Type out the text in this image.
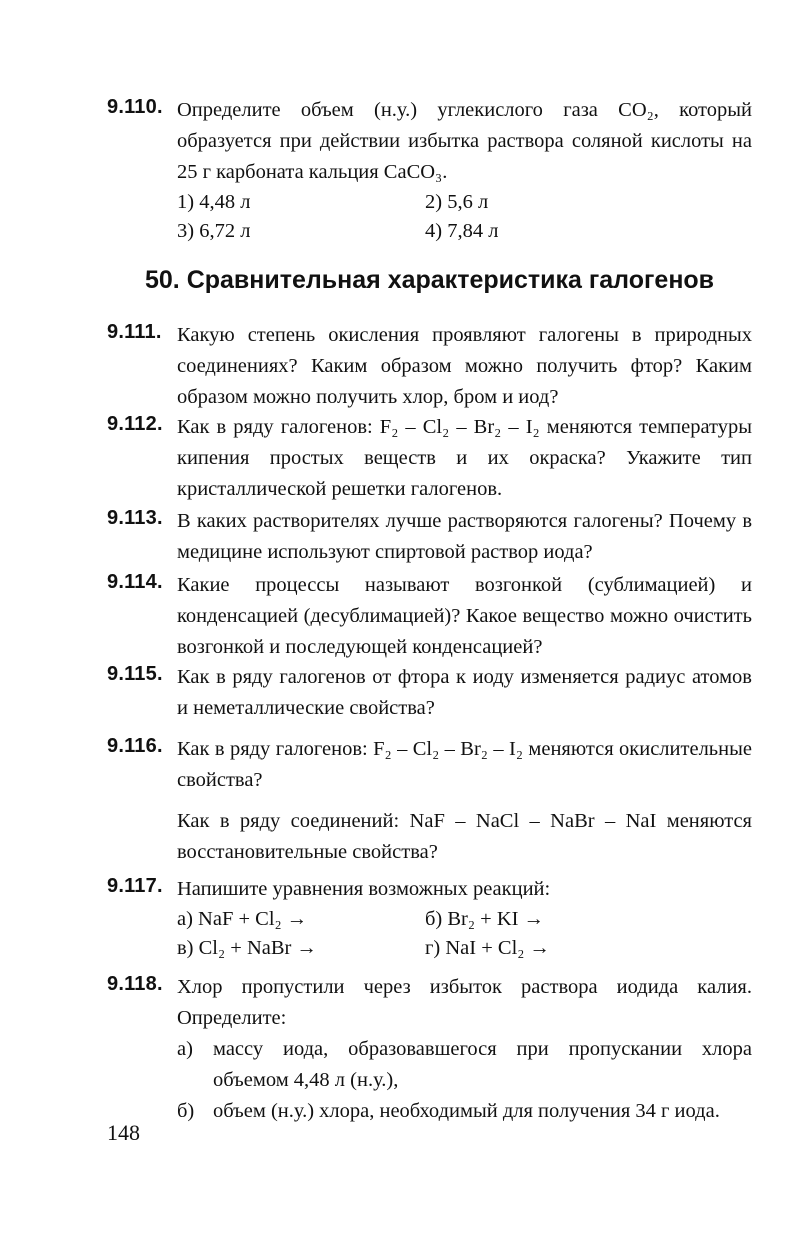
9.110. Определите объем (н.у.) углекислого газа CO₂, который образуется при действии избытка раствора соляной кислоты на 25 г карбоната кальция CaCO₃.

1) 4,48 л	2) 5,6 л
3) 6,72 л	4) 7,84 л
50. Сравнительная характеристика галогенов
9.111. Какую степень окисления проявляют галогены в природных соединениях? Каким образом можно получить фтор? Каким образом можно получить хлор, бром и иод?

9.112. Как в ряду галогенов: F₂ – Cl₂ – Br₂ – I₂ меняются температуры кипения простых веществ и их окраска? Укажите тип кристаллической решетки галогенов.

9.113. В каких растворителях лучше растворяются галогены? Почему в медицине используют спиртовой раствор иода?

9.114. Какие процессы называют возгонкой (сублимацией) и конденсацией (десублимацией)? Какое вещество можно очистить возгонкой и последующей конденсацией?

9.115. Как в ряду галогенов от фтора к иоду изменяется радиус атомов и неметаллические свойства?

9.116. Как в ряду галогенов: F₂ – Cl₂ – Br₂ – I₂ меняются окислительные свойства?

Как в ряду соединений: NaF – NaCl – NaBr – NaI меняются восстановительные свойства?

9.117. Напишите уравнения возможных реакций:

а) NaF + Cl₂ →	б) Br₂ + KI →
в) Cl₂ + NaBr →	г) NaI + Cl₂ →
9.118. Хлор пропустили через избыток раствора иодида калия. Определите:

а) массу иода, образовавшегося при пропускании хлора объемом 4,48 л (н.у.),
б) объем (н.у.) хлора, необходимый для получения 34 г иода.
148
